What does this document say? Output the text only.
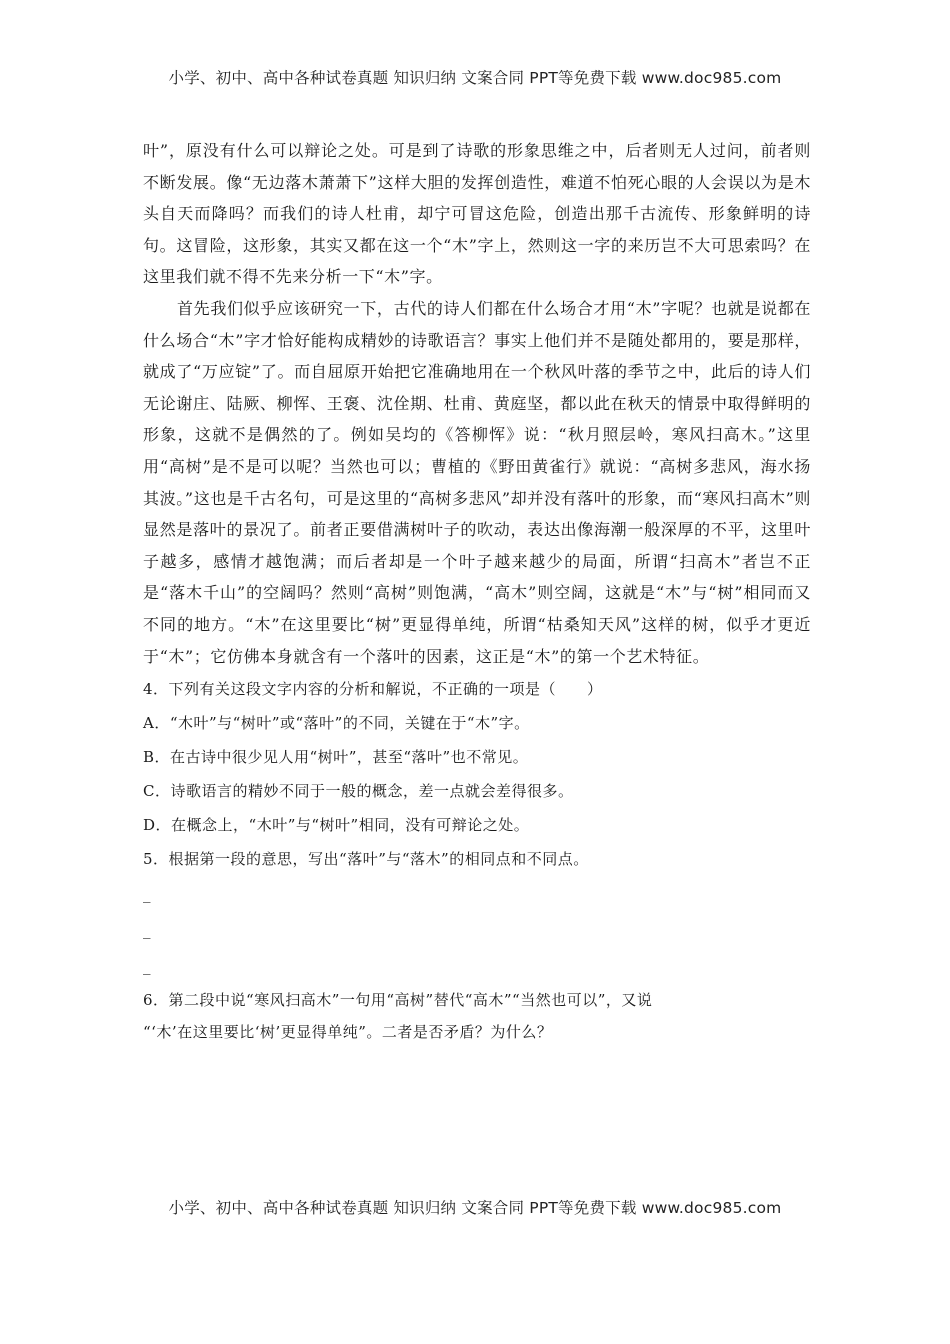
小学、初中、高中各种试卷真题 知识归纳 文案合同 PPT等免费下载 www.doc985.com

叶”，原没有什么可以辩论之处。可是到了诗歌的形象思维之中，后者则无人过问，前者则不断发展。像“无边落木萧萧下”这样大胆的发挥创造性，难道不怕死心眼的人会误以为是木头自天而降吗？而我们的诗人杜甫，却宁可冒这危险，创造出那千古流传、形象鲜明的诗句。这冒险，这形象，其实又都在这一个“木”字上，然则这一字的来历岂不大可思索吗？在这里我们就不得不先来分析一下“木”字。

首先我们似乎应该研究一下，古代的诗人们都在什么场合才用“木”字呢？也就是说都在什么场合“木”字才恰好能构成精妙的诗歌语言？事实上他们并不是随处都用的，要是那样，就成了“万应锭”了。而自屈原开始把它准确地用在一个秋风叶落的季节之中，此后的诗人们无论谢庄、陆厥、柳恽、王褒、沈佺期、杜甫、黄庭坚，都以此在秋天的情景中取得鲜明的形象，这就不是偶然的了。例如吴均的《答柳恽》说：“秋月照层岭，寒风扫高木。”这里用“高树”是不是可以呢？当然也可以；曹植的《野田黄雀行》就说：“高树多悲风，海水扬其波。”这也是千古名句，可是这里的“高树多悲风”却并没有落叶的形象，而“寒风扫高木”则显然是落叶的景况了。前者正要借满树叶子的吹动，表达出像海潮一般深厚的不平，这里叶子越多，感情才越饱满；而后者却是一个叶子越来越少的局面，所谓“扫高木”者岂不正是“落木千山”的空阔吗？然则“高树”则饱满，“高木”则空阔，这就是“木”与“树”相同而又不同的地方。“木”在这里要比“树”更显得单纯，所谓“枯桑知天风”这样的树，似乎才更近于“木”；它仿佛本身就含有一个落叶的因素，这正是“木”的第一个艺术特征。

4．下列有关这段文字内容的分析和解说，不正确的一项是（　　）

A．“木叶”与“树叶”或“落叶”的不同，关键在于“木”字。

B．在古诗中很少见人用“树叶”，甚至“落叶”也不常见。

C．诗歌语言的精妙不同于一般的概念，差一点就会差得很多。

D．在概念上，“木叶”与“树叶”相同，没有可辩论之处。

5．根据第一段的意思，写出“落叶”与“落木”的相同点和不同点。

_

_

_

6．第二段中说“寒风扫高木”一句用“高树”替代“高木”“当然也可以”，又说

“‘木’在这里要比‘树’更显得单纯”。二者是否矛盾？为什么？

小学、初中、高中各种试卷真题 知识归纳 文案合同 PPT等免费下载 www.doc985.com
